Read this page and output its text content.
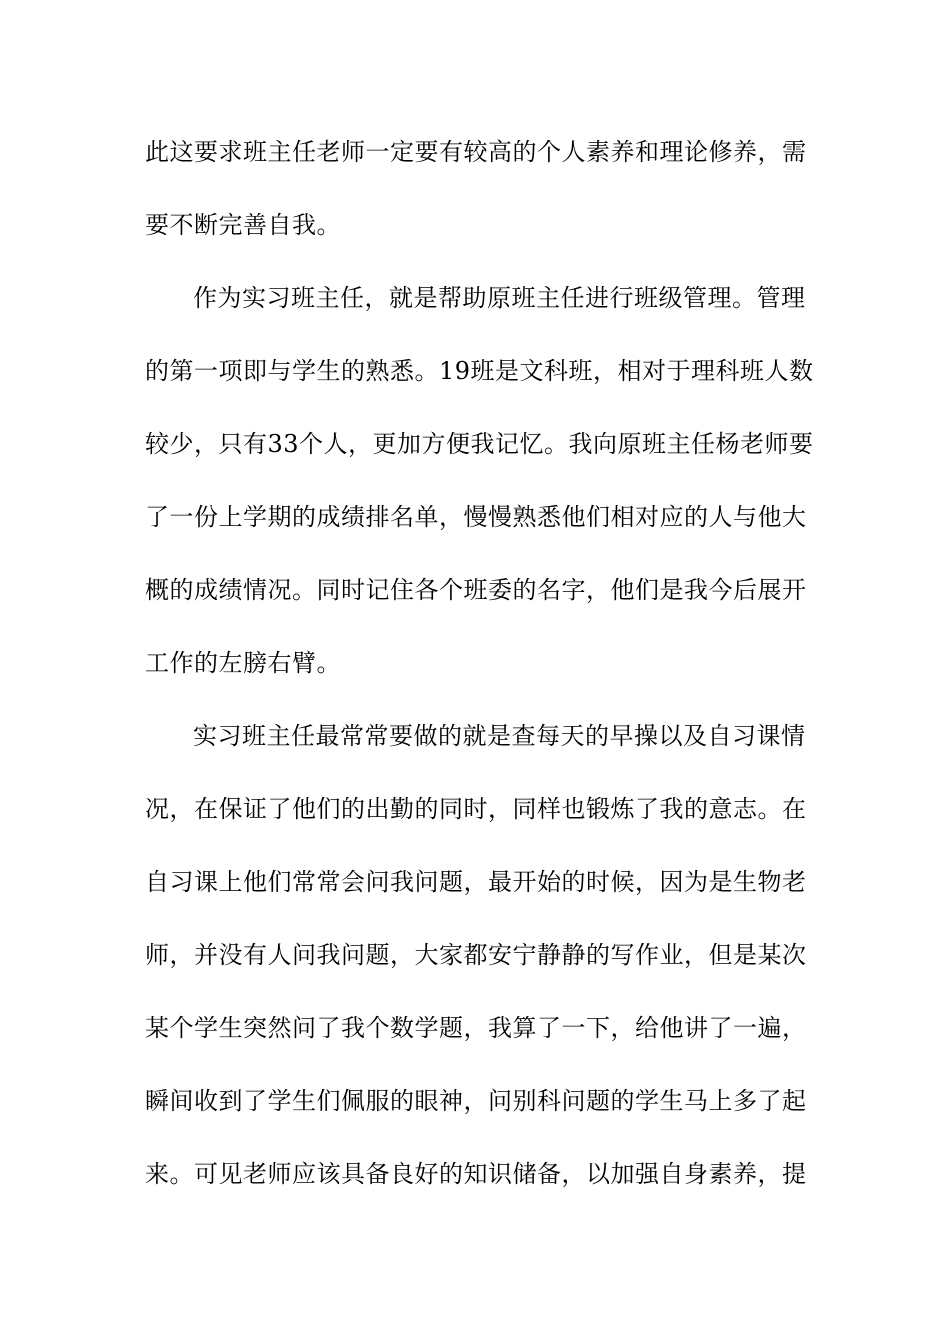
此这要求班主任老师一定要有较高的个人素养和理论修养，需
要不断完善自我。
作为实习班主任，就是帮助原班主任进行班级管理。管理
的第一项即与学生的熟悉。19班是文科班，相对于理科班人数
较少，只有33个人，更加方便我记忆。我向原班主任杨老师要
了一份上学期的成绩排名单，慢慢熟悉他们相对应的人与他大
概的成绩情况。同时记住各个班委的名字，他们是我今后展开
工作的左膀右臂。
实习班主任最常常要做的就是查每天的早操以及自习课情
况，在保证了他们的出勤的同时，同样也锻炼了我的意志。在
自习课上他们常常会问我问题，最开始的时候，因为是生物老
师，并没有人问我问题，大家都安宁静静的写作业，但是某次
某个学生突然问了我个数学题，我算了一下，给他讲了一遍，
瞬间收到了学生们佩服的眼神，问别科问题的学生马上多了起
来。可见老师应该具备良好的知识储备，以加强自身素养，提
